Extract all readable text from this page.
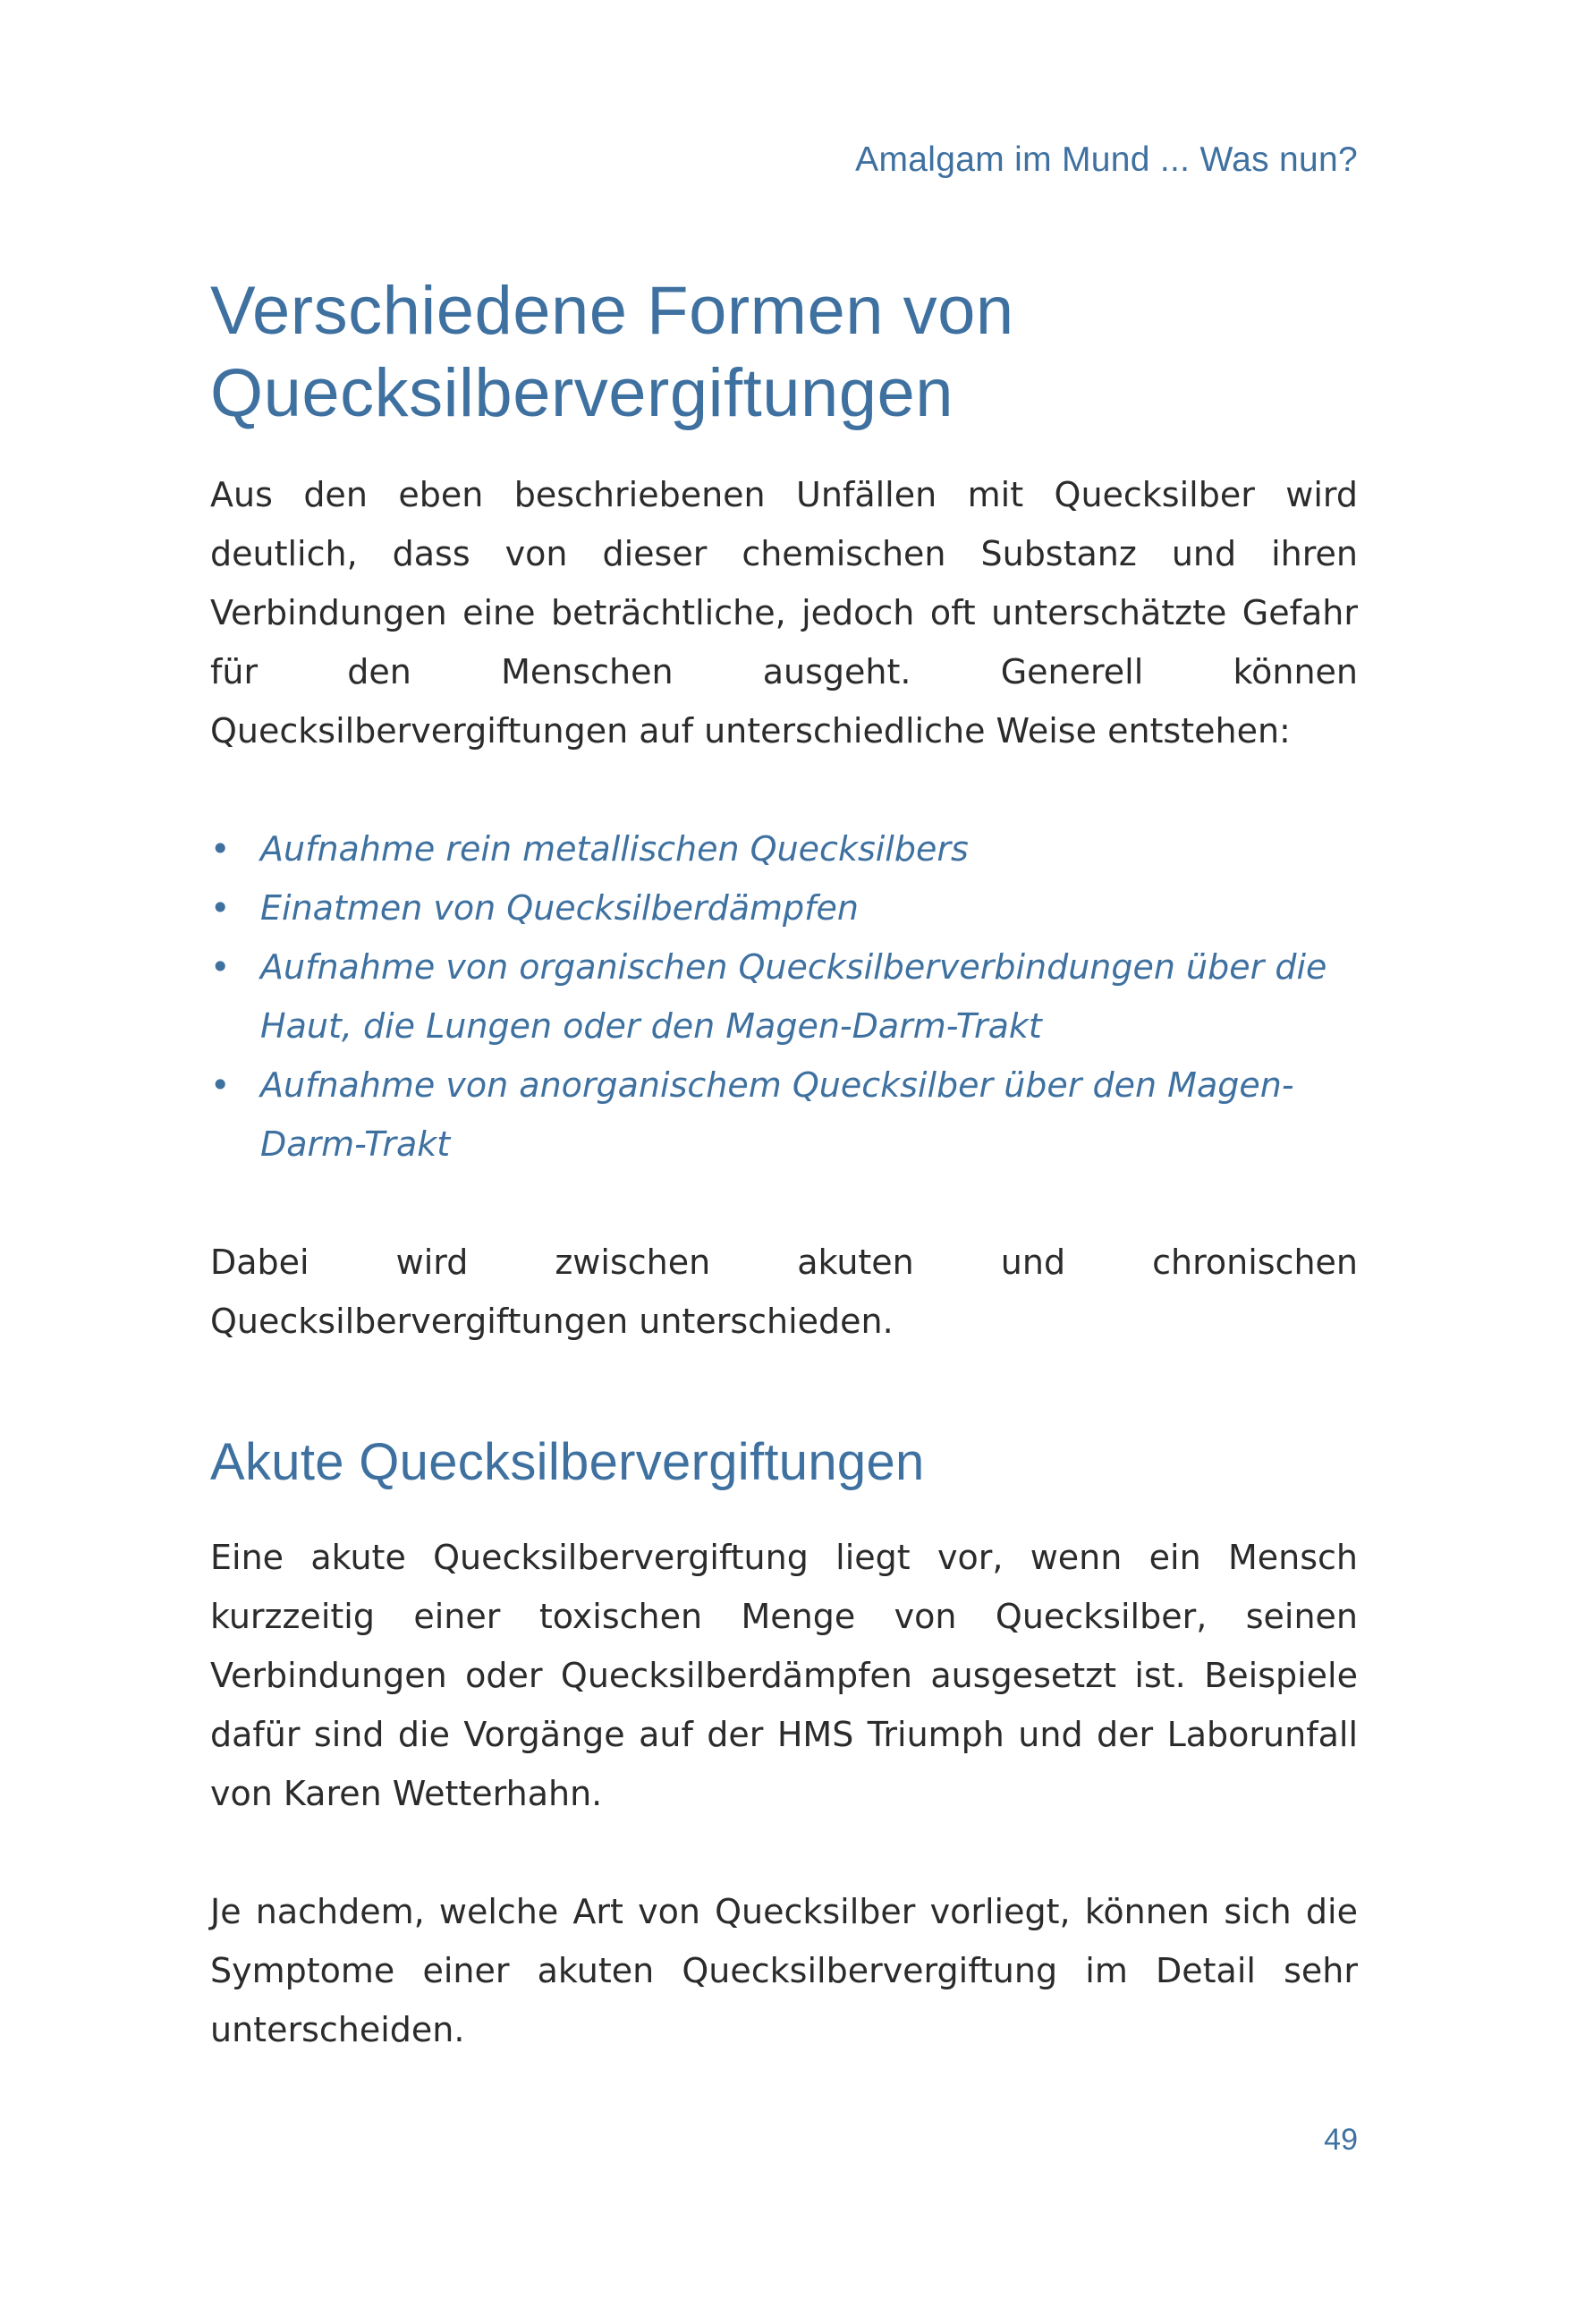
Amalgam im Mund ... Was nun?

Verschiedene Formen von
Quecksilbervergiftungen

Aus den eben beschriebenen Unfällen mit Quecksilber wird deutlich, dass von dieser chemischen Substanz und ihren Verbindungen eine beträchtliche, jedoch oft unterschätzte Gefahr für den Menschen ausgeht. Generell können Quecksilbervergiftungen auf unterschiedliche Weise entstehen:

• Aufnahme rein metallischen Quecksilbers
• Einatmen von Quecksilberdämpfen
• Aufnahme von organischen Quecksilberverbindungen über die Haut, die Lungen oder den Magen-Darm-Trakt
• Aufnahme von anorganischem Quecksilber über den Magen-Darm-Trakt

Dabei wird zwischen akuten und chronischen Quecksilbervergiftungen unterschieden.

Akute Quecksilbervergiftungen

Eine akute Quecksilbervergiftung liegt vor, wenn ein Mensch kurzzeitig einer toxischen Menge von Quecksilber, seinen Verbindungen oder Quecksilberdämpfen ausgesetzt ist. Beispiele dafür sind die Vorgänge auf der HMS Triumph und der Laborunfall von Karen Wetterhahn.

Je nachdem, welche Art von Quecksilber vorliegt, können sich die Symptome einer akuten Quecksilbervergiftung im Detail sehr unterscheiden.

49
